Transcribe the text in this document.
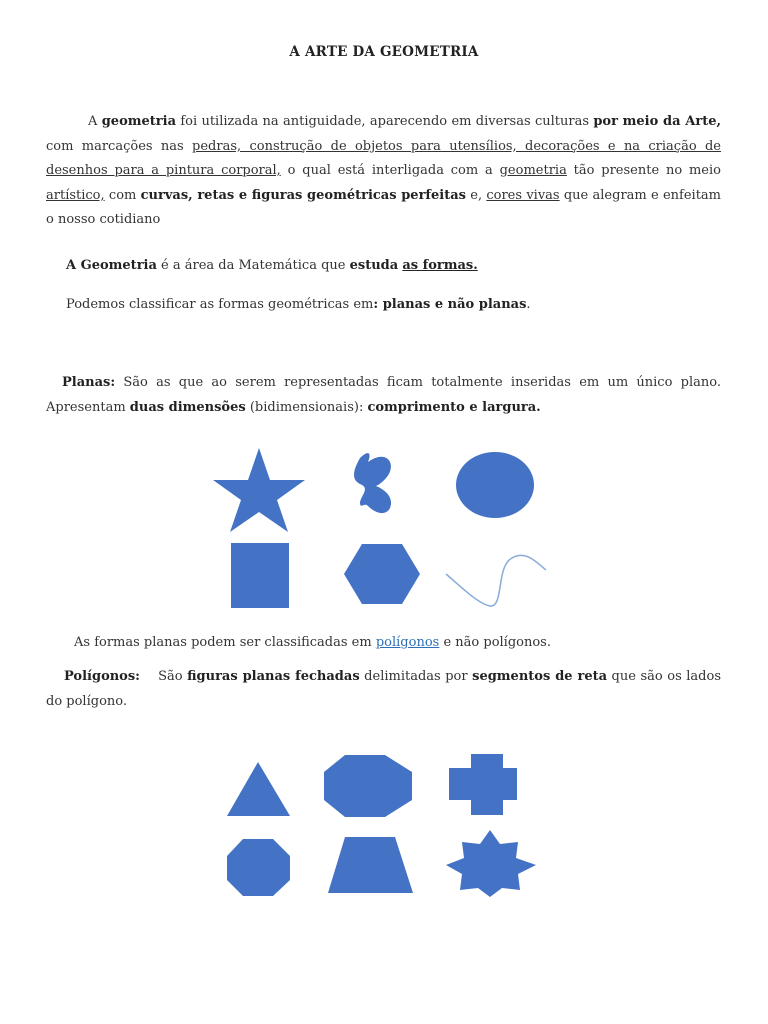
A ARTE DA GEOMETRIA
A geometria foi utilizada na antiguidade, aparecendo em diversas culturas por meio da Arte, com marcações nas pedras, construção de objetos para utensílios, decorações e na criação de desenhos para a pintura corporal, o qual está interligada com a geometria tão presente no meio artístico, com curvas, retas e figuras geométricas perfeitas e, cores vivas que alegram e enfeitam o nosso cotidiano
A Geometria é a área da Matemática que estuda as formas.
Podemos classificar as formas geométricas em: planas e não planas.
Planas: São as que ao serem representadas ficam totalmente inseridas em um único plano. Apresentam duas dimensões (bidimensionais): comprimento e largura.
As formas planas podem ser classificadas em polígonos e não polígonos.
Polígonos:    São figuras planas fechadas delimitadas por segmentos de reta que são os lados do polígono.
